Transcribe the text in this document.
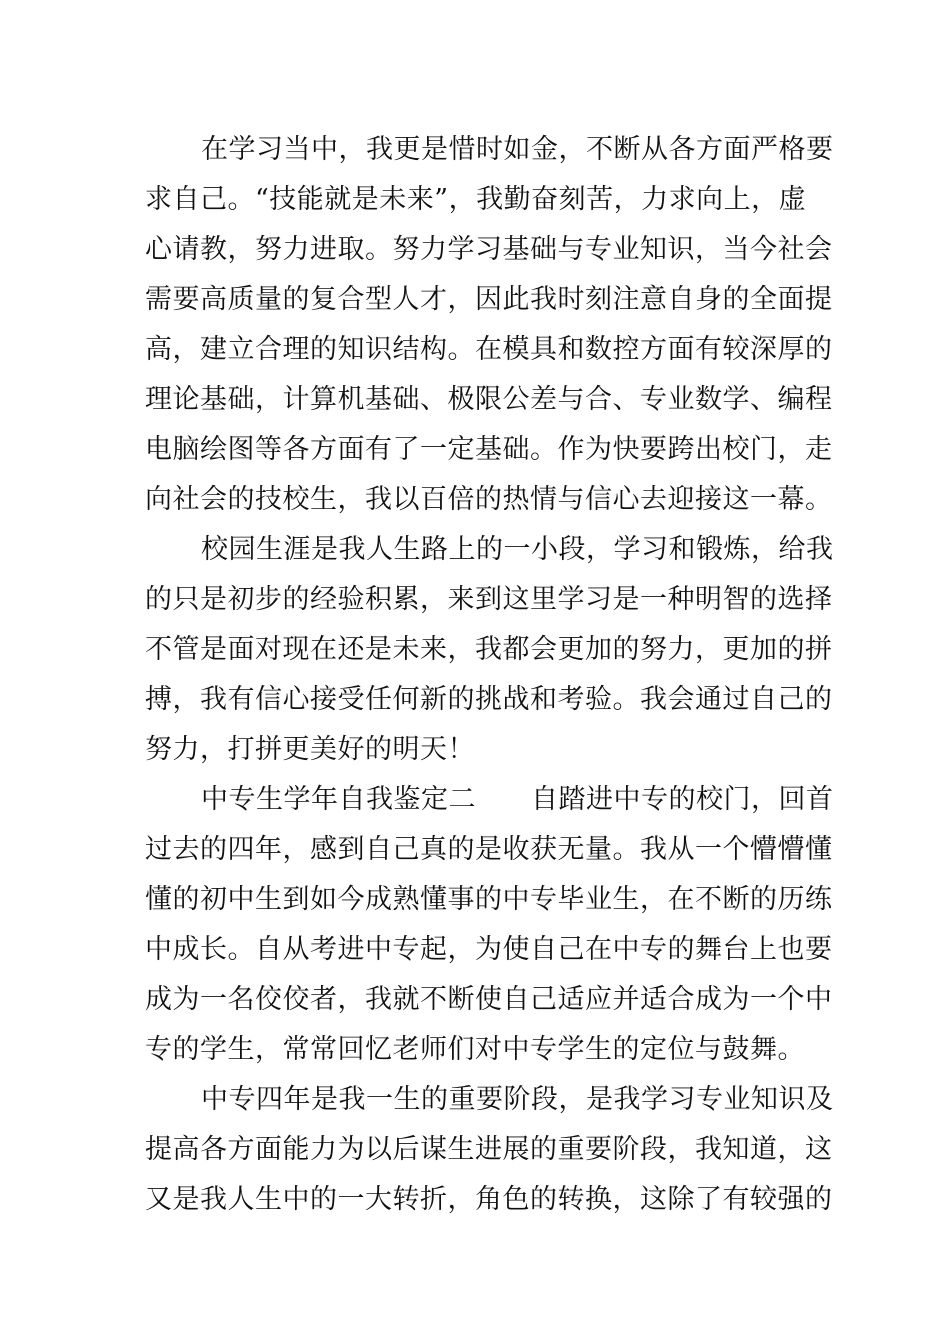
在学习当中，我更是惜时如金，不断从各方面严格要
求自己。“技能就是未来”，我勤奋刻苦，力求向上，虚
心请教，努力进取。努力学习基础与专业知识，当今社会
需要高质量的复合型人才，因此我时刻注意自身的全面提
高，建立合理的知识结构。在模具和数控方面有较深厚的
理论基础，计算机基础、极限公差与合、专业数学、编程
电脑绘图等各方面有了一定基础。作为快要跨出校门，走
向社会的技校生，我以百倍的热情与信心去迎接这一幕。
校园生涯是我人生路上的一小段，学习和锻炼，给我
的只是初步的经验积累，来到这里学习是一种明智的选择
不管是面对现在还是未来，我都会更加的努力，更加的拼
搏，我有信心接受任何新的挑战和考验。我会通过自己的
努力，打拼更美好的明天！
中专生学年自我鉴定二　　自踏进中专的校门，回首
过去的四年，感到自己真的是收获无量。我从一个懵懵懂
懂的初中生到如今成熟懂事的中专毕业生，在不断的历练
中成长。自从考进中专起，为使自己在中专的舞台上也要
成为一名佼佼者，我就不断使自己适应并适合成为一个中
专的学生，常常回忆老师们对中专学生的定位与鼓舞。
中专四年是我一生的重要阶段，是我学习专业知识及
提高各方面能力为以后谋生进展的重要阶段，我知道，这
又是我人生中的一大转折，角色的转换，这除了有较强的
